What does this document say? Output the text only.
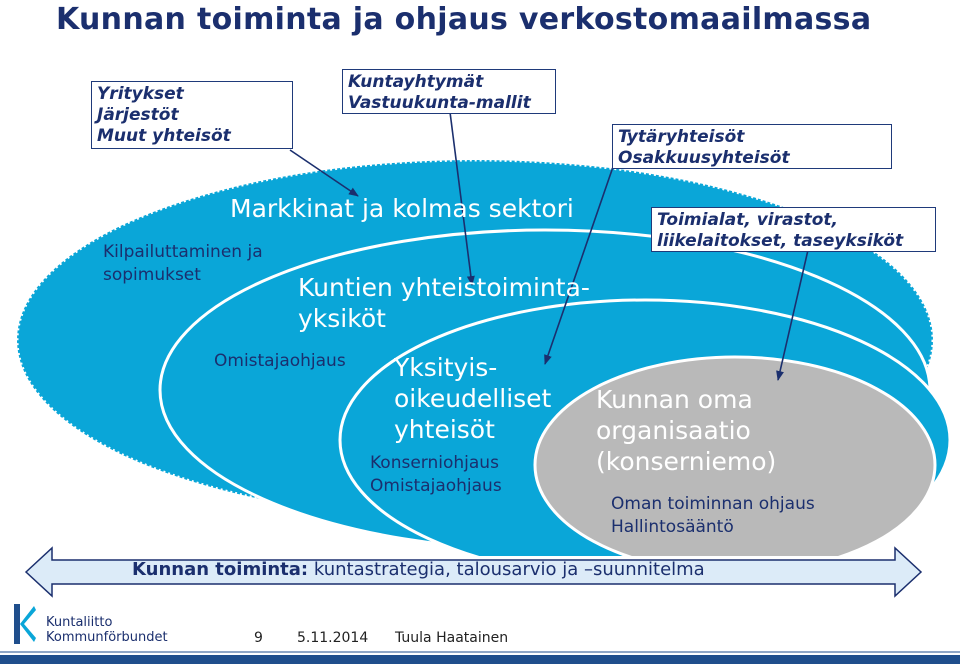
Kunnan toiminta ja ohjaus verkostomaailmassa
Yritykset
Järjestöt
Muut yhteisöt
Kuntayhtymät
Vastuukunta-mallit
Tytäryhteisöt
Osakkuusyhteisöt
Toimialat, virastot,
liikelaitokset, taseyksiköt
Markkinat ja kolmas sektori
Kilpailuttaminen ja
sopimukset	Kuntien yhteistoiminta-
yksiköt
Omistajaohjaus Yksityis-
oikeudelliset
yhteisöt
Konserniohjaus
Omistajaohjaus
Kunnan oma
organisaatio
(konserniemo)
Oman toiminnan ohjaus
Hallintosääntö
Kunnan toiminta: kuntastrategia, talousarvio ja –suunnitelma
Kuntaliitto
Kommunförbundet	9 5.11.2014 Tuula Haatainen
